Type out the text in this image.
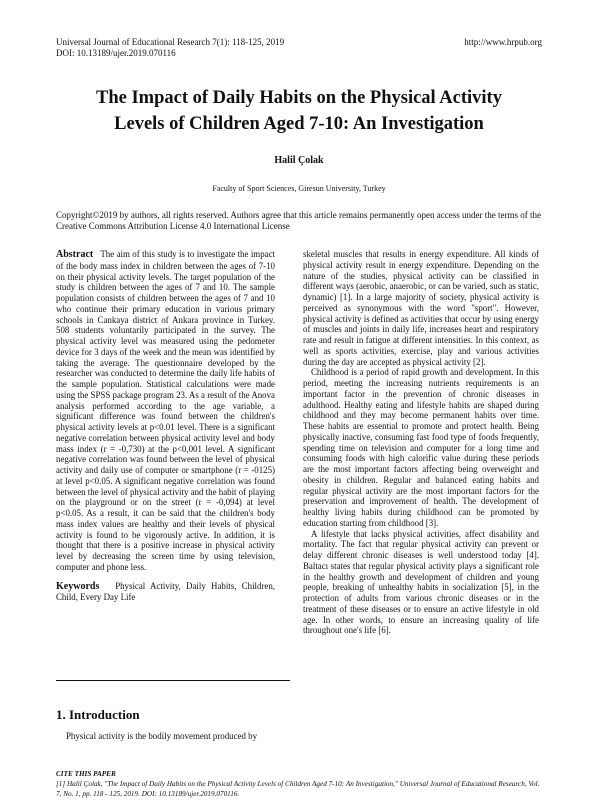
Universal Journal of Educational Research 7(1): 118-125, 2019	http://www.hrpub.org
DOI: 10.13189/ujer.2019.070116
The Impact of Daily Habits on the Physical Activity
Levels of Children Aged 7-10: An Investigation
Halil Çolak
Faculty of Sport Sciences, Giresun University, Turkey
Copyright©2019 by authors, all rights reserved. Authors agree that this article remains permanently open access under the terms of the Creative Commons Attribution License 4.0 International License

Abstract The aim of this study is to investigate the impact of the body mass index in children between the ages of 7-10 on their physical activity levels. The target population of the study is children between the ages of 7 and 10. The sample population consists of children between the ages of 7 and 10 who continue their primary education in various primary schools in Cankaya district of Ankara province in Turkey. 508 students voluntarily participated in the survey. The physical activity level was measured using the pedometer device for 3 days of the week and the mean was identified by taking the average. The questionnaire developed by the researcher was conducted to determine the daily life habits of the sample population. Statistical calculations were made using the SPSS package program 23. As a result of the Anova analysis performed according to the age variable, a significant difference was found between the children's physical activity levels at p<0.01 level. There is a significant negative correlation between physical activity level and body mass index (r = -0,730) at the p<0,001 level. A significant negative correlation was found between the level of physical activity and daily use of computer or smartphone (r = -0125) at level p<0.05. A significant negative correlation was found between the level of physical activity and the habit of playing on the playground or on the street (r = -0,094) at level p<0.05. As a result, it can be said that the children's body mass index values are healthy and their levels of physical activity is found to be vigorously active. In addition, it is thought that there is a positive increase in physical activity level by decreasing the screen time by using television, computer and phone less.

Keywords Physical Activity, Daily Habits, Children, Child, Every Day Life

1. Introduction
Physical activity is the bodily movement produced by

skeletal muscles that results in energy expenditure. All kinds of physical activity result in energy expenditure. Depending on the nature of the studies, physical activity can be classified in different ways (aerobic, anaerobic, or can be varied, such as static, dynamic) [1]. In a large majority of society, physical activity is perceived as synonymous with the word "sport". However, physical activity is defined as activities that occur by using energy of muscles and joints in daily life, increases heart and respiratory rate and result in fatigue at different intensities. In this context, as well as sports activities, exercise, play and various activities during the day are accepted as physical activity [2].

Childhood is a period of rapid growth and development. In this period, meeting the increasing nutrients requirements is an important factor in the prevention of chronic diseases in adulthood. Healthy eating and lifestyle habits are shaped during childhood and they may become permanent habits over time. These habits are essential to promote and protect health. Being physically inactive, consuming fast food type of foods frequently, spending time on television and computer for a long time and consuming foods with high calorific value during these periods are the most important factors affecting being overweight and obesity in children. Regular and balanced eating habits and regular physical activity are the most important factors for the preservation and improvement of health. The development of healthy living habits during childhood can be promoted by education starting from childhood [3].

A lifestyle that lacks physical activities, affect disability and mortality. The fact that regular physical activity can prevent or delay different chronic diseases is well understood today [4]. Baltacı states that regular physical activity plays a significant role in the healthy growth and development of children and young people, breaking of unhealthy habits in socialization [5], in the protection of adults from various chronic diseases or in the treatment of these diseases or to ensure an active lifestyle in old age. In other words, to ensure an increasing quality of life throughout one's life [6].

CITE THIS PAPER
[1] Halil Çolak, "The Impact of Daily Habits on the Physical Activity Levels of Children Aged 7-10: An Investigation," Universal Journal of Educational Research, Vol. 7, No. 1, pp. 118 - 125, 2019. DOI: 10.13189/ujer.2019.070116.
